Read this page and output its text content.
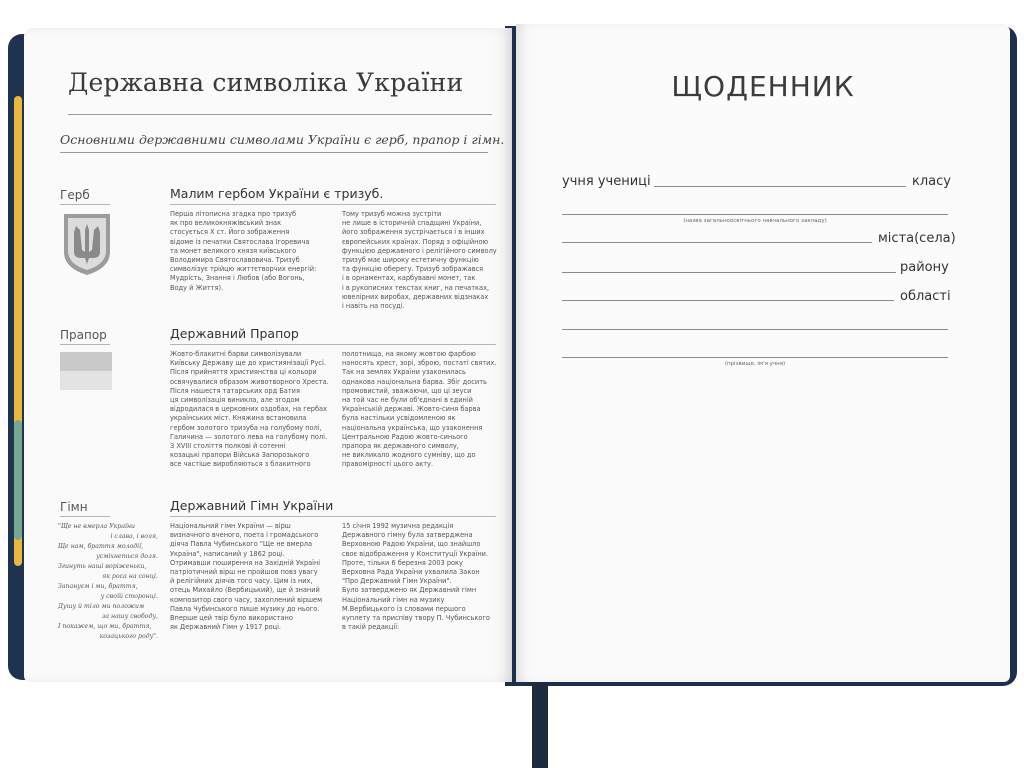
Державна символіка України
Основними державними символами України є герб, прапор і гімн.
Герб	Малим гербом України є тризуб.
Перша літописна згадка про тризуб
як про великокняжівський знак
стосується X ст. Його зображення
відоме із печатки Святослава Ігоревича
та монет великого князя київського
Володимира Святославовича. Тризуб
символізує трійцю життєтворчих енергій:
Мудрість, Знання і Любов (або Вогонь,
Воду й Життя).
Тому тризуб можна зустріти
не лише в історичній спадщині України,
його зображення зустрічається і в інших
європейських країнах. Поряд з офіційною
функцією державного і релігійного символу
тризуб має широку естетичну функцію
та функцію оберегу. Тризуб зображався
і в орнаментах, карбувавні монет, так
і в рукописних текстах книг, на печатках,
ювелірних виробах, державних відзнаках
і навіть на посуді.
Прапор	Державний Прапор
Жовто-блакитні барви символізували
Київську Державу ще до християнізації Русі.
Після прийняття християнства ці кольори
освячувалися образом животворного Хреста.
Після нашестя татарських орд Батия
ця символізація виникла, але згодом
відродилася в церковних оздобах, на гербах
українських міст. Княжина встановила
гербом золотого тризуба на голубому полі,
Галичина — золотого лева на голубому полі.
З XVIII століття полкові й сотенні
козацькі прапори Війська Запорозького
все частіше виробляються з блакитного
полотнища, на якому жовтою фарбою
наносять хрест, зорі, зброю, постаті святих.
Так на землях України узаконилась
однакова національна барва. Збіг досить
промовистий, зважаючи, що ці зеуси
на той час не були об'єднані в єдиній
Українській державі. Жовто-синя барва
була настільки усвідомленою як
національна українська, що узаконення
Центральною Радою жовто-синього
прапора як державного символу,
не викликало жодного сумніву, що до
правомірності цього акту.
Гімн	Державний Гімн України
"Ще не вмерла України
і слава, і воля,
Ще нам, браття молодії,
усміхнеться доля.
Згинуть наші воріженьки,
як роса на сонці.
Запануєм і ми, браття,
у своїй сторонці.
Душу й тіло ми положим
за нашу свободу,
І покажем, що ми, браття,
козацького роду".
Національний гімн України — вірш
визначного вченого, поета і громадського
діяча Павла Чубинського "Ще не вмерла
Україна", написаний у 1862 році.
Отримавши поширення на Західній Україні
патріотичний вірш не пройшов повз увагу
й релігійних діячів того часу. Цим із них,
отець Михайло (Вербицький), ще й знаний
композитор свого часу, захоплений віршем
Павла Чубинського пише музику до нього.
Вперше цей твір було використано
як Державний Гімн у 1917 році.
15 січня 1992 музична редакція
Державного гімну була затверджена
Верховною Радою України, що знайшло
своє відображення у Конституції України.
Проте, тільки 6 березня 2003 року
Верховна Рада України ухвалила Закон
"Про Державний Гімн України".
Було затверджено як Державний гімн
Національний гімн на музику
М.Вербицького із словами першого
куплету та приспіву твору П. Чубинського
в такій редакції:
ЩОДЕННИК
учня учениці	класу
(назва загальноосвітнього навчального закладу)
міста(села)
району
області
(прізвище, ім'я учня)
